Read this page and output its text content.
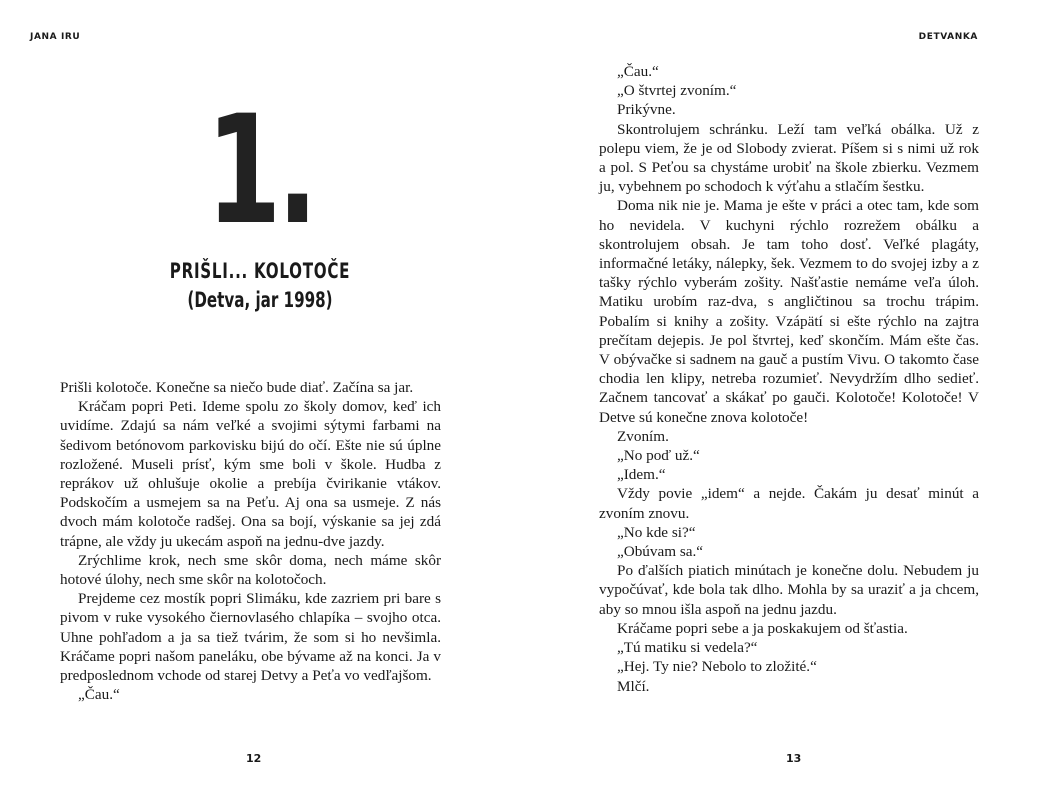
JANA IRU
1.
PRIŠLI... KOLOTOČE
(Detva, jar 1998)

Prišli kolotoče. Konečne sa niečo bude diať. Začína sa jar.

Kráčam popri Peti. Ideme spolu zo školy domov, keď ich uvidíme. Zdajú sa nám veľké a svojimi sýtymi farbami na šedivom betónovom parkovisku bijú do očí. Ešte nie sú úplne rozložené. Museli prísť, kým sme boli v škole. Hudba z reprákov už ohlušuje okolie a prebíja čvirikanie vtákov. Podskočím a usmejem sa na Peťu. Aj ona sa usmeje. Z nás dvoch mám kolotoče radšej. Ona sa bojí, výskanie sa jej zdá trápne, ale vždy ju ukecám aspoň na jednu-dve jazdy.

Zrýchlime krok, nech sme skôr doma, nech máme skôr hotové úlohy, nech sme skôr na kolotočoch.

Prejdeme cez mostík popri Slimáku, kde zazriem pri bare s pivom v ruke vysokého čiernovlasého chlapíka – svojho otca. Uhne pohľadom a ja sa tiež tvárim, že som si ho nevšimla. Kráčame popri našom paneláku, obe bývame až na konci. Ja v predposlednom vchode od starej Detvy a Peťa vo vedľajšom.

„Čau.“

12
DETVANKA

„Čau.“

„O štvrtej zvoním.“

Prikývne.

Skontrolujem schránku. Leží tam veľká obálka. Už z polepu viem, že je od Slobody zvierat. Píšem si s nimi už rok a pol. S Peťou sa chystáme urobiť na škole zbierku. Vezmem ju, vybehnem po schodoch k výťahu a stlačím šestku.

Doma nik nie je. Mama je ešte v práci a otec tam, kde som ho nevidela. V kuchyni rýchlo rozrežem obálku a skontrolujem obsah. Je tam toho dosť. Veľké plagáty, informačné letáky, nálepky, šek. Vezmem to do svojej izby a z tašky rýchlo vyberám zošity. Našťastie nemáme veľa úloh. Matiku urobím raz-dva, s angličtinou sa trochu trápim. Pobalím si knihy a zošity. Vzápätí si ešte rýchlo na zajtra prečítam dejepis. Je pol štvrtej, keď skončím. Mám ešte čas. V obývačke si sadnem na gauč a pustím Vivu. O takomto čase chodia len klipy, netreba rozumieť. Nevydržím dlho sedieť. Začnem tancovať a skákať po gauči. Kolotoče! Kolotoče! V Detve sú konečne znova kolotoče!

Zvoním.

„No poď už.“

„Idem.“

Vždy povie „idem“ a nejde. Čakám ju desať minút a zvoním znovu.

„No kde si?“

„Obúvam sa.“

Po ďalších piatich minútach je konečne dolu. Nebudem ju vypočúvať, kde bola tak dlho. Mohla by sa uraziť a ja chcem, aby so mnou išla aspoň na jednu jazdu.

Kráčame popri sebe a ja poskakujem od šťastia.

„Tú matiku si vedela?“

„Hej. Ty nie? Nebolo to zložité.“

Mlčí.

13
